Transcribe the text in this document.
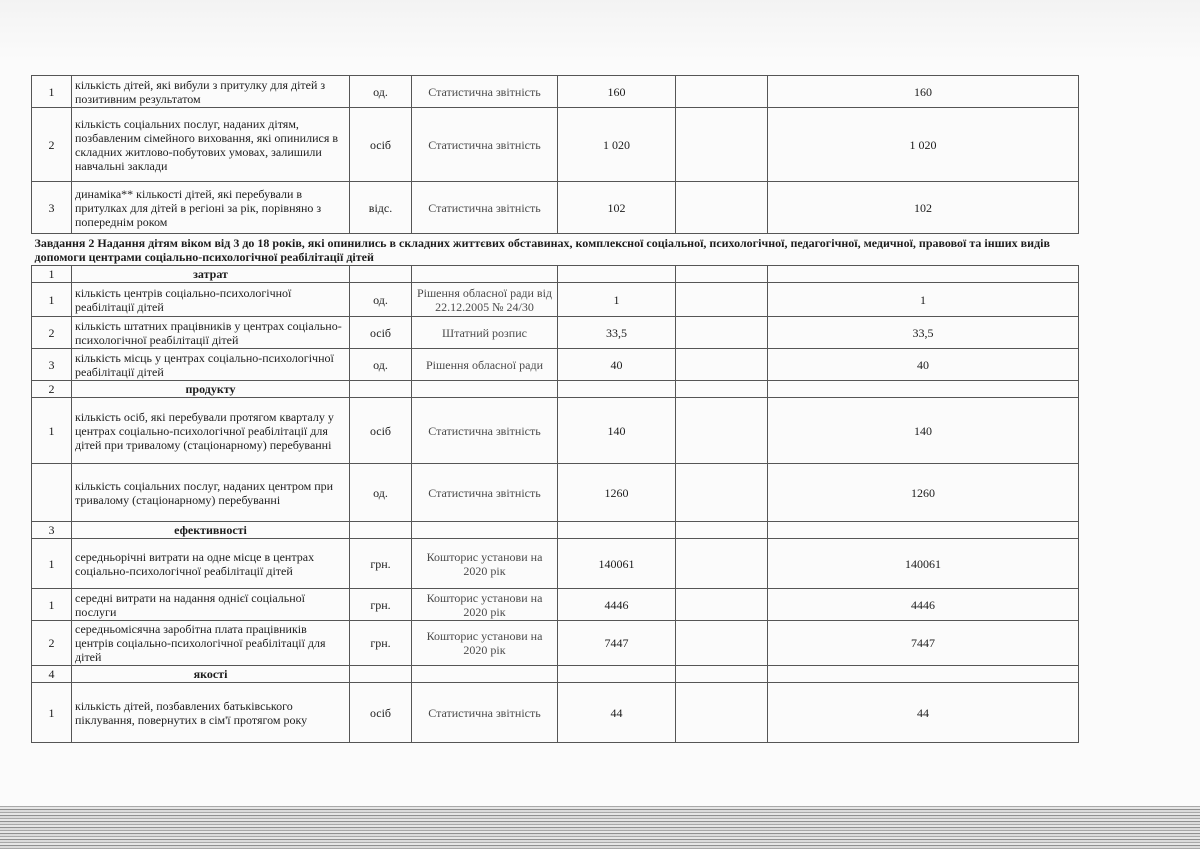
1	кількість дітей, які вибули з притулку для дітей з позитивним результатом	од.	Статистична звітність	160		160
2	кількість соціальних послуг, наданих дітям, позбавленим сімейного виховання, які опинилися в складних житлово-побутових умовах, залишили навчальні заклади	осіб	Статистична звітність	1 020		1 020
3	динаміка** кількості дітей, які перебували в притулках для дітей в регіоні за рік, порівняно з попереднім роком	відс.	Статистична звітність	102		102
Завдання 2 Надання дітям віком від 3 до 18 років, які опинились в складних життєвих обставинах, комплексної соціальної, психологічної, педагогічної, медичної, правової та інших видів допомоги центрами соціально-психологічної реабілітації дітей						
1	затрат					
1	кількість центрів соціально-психологічної реабілітації дітей	од.	Рішення обласної ради від 22.12.2005 № 24/30	1		1
2	кількість штатних працівників у центрах соціально-психологічної реабілітації дітей	осіб	Штатний розпис	33,5		33,5
3	кількість місць у центрах соціально-психологічної реабілітації дітей	од.	Рішення обласної ради	40		40
2	продукту					
1	кількість осіб, які перебували протягом кварталу у центрах соціально-психологічної реабілітації для дітей при тривалому (стаціонарному) перебуванні	осіб	Статистична звітність	140		140
	кількість соціальних послуг, наданих центром при тривалому (стаціонарному) перебуванні	од.	Статистична звітність	1260		1260
3	ефективності					
1	середньорічні витрати на одне місце в центрах соціально-психологічної реабілітації дітей	грн.	Кошторис установи на 2020 рік	140061		140061
1	середні витрати на надання однієї соціальної послуги	грн.	Кошторис установи на 2020 рік	4446		4446
2	середньомісячна заробітна плата працівників центрів соціально-психологічної реабілітації для дітей	грн.	Кошторис установи на 2020 рік	7447		7447
4	якості					
1	кількість дітей, позбавлених батьківського піклування, повернутих в сім'ї протягом року	осіб	Статистична звітність	44		44
